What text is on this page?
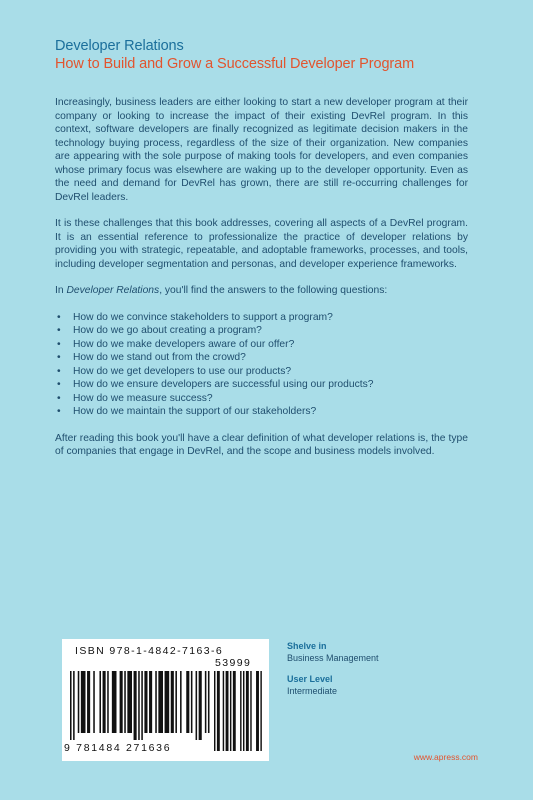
Developer Relations
How to Build and Grow a Successful Developer Program

Increasingly, business leaders are either looking to start a new developer program at their company or looking to increase the impact of their existing DevRel program. In this context, software developers are finally recognized as legitimate decision makers in the technology buying process, regardless of the size of their organization. New companies are appearing with the sole purpose of making tools for developers, and even companies whose primary focus was elsewhere are waking up to the developer opportunity. Even as the need and demand for DevRel has grown, there are still re-occurring challenges for DevRel leaders.

It is these challenges that this book addresses, covering all aspects of a DevRel program. It is an essential reference to professionalize the practice of developer relations by providing you with strategic, repeatable, and adoptable frameworks, processes, and tools, including developer segmentation and personas, and developer experience frameworks.

In Developer Relations, you'll find the answers to the following questions:

• How do we convince stakeholders to support a program?
• How do we go about creating a program?
• How do we make developers aware of our offer?
• How do we stand out from the crowd?
• How do we get developers to use our products?
• How do we ensure developers are successful using our products?
• How do we measure success?
• How do we maintain the support of our stakeholders?

After reading this book you'll have a clear definition of what developer relations is, the type of companies that engage in DevRel, and the scope and business models involved.

ISBN 978-1-4842-7163-6
53999
9 781484 271636
Shelve in
Business Management
User Level
Intermediate
www.apress.com
